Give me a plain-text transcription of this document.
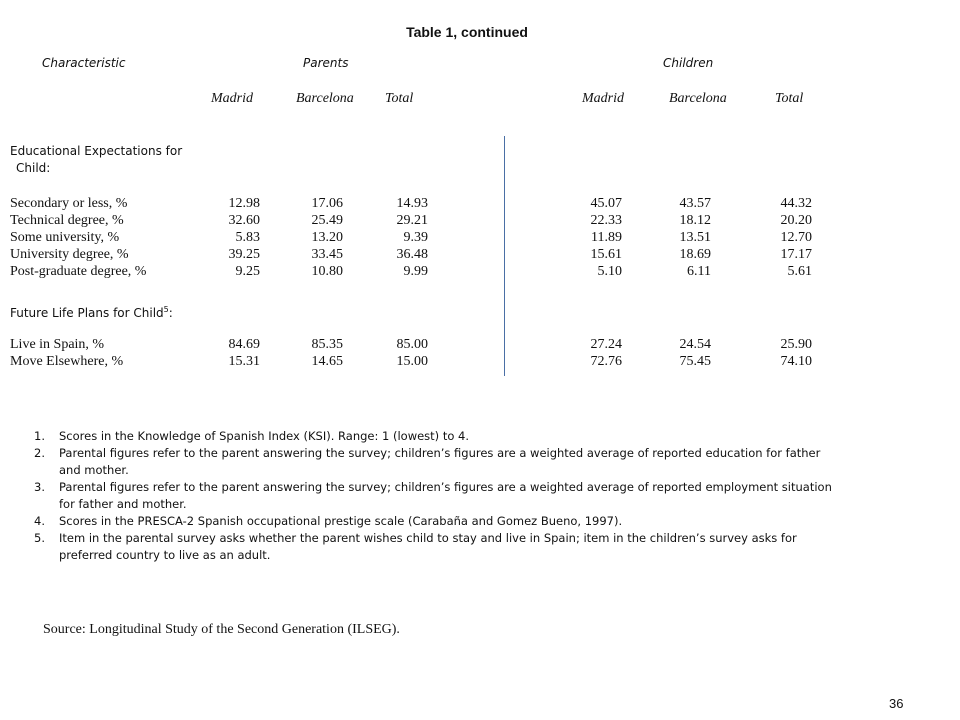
Table 1, continued
Characteristic	Parents	Children
Madrid	Barcelona Total	Madrid	Barcelona	Total
Educational Expectations for
Child:
Secondary or less, %	12.98	17.06	14.93	45.07	43.57	44.32
Technical degree, %	32.60	25.49	29.21	22.33	18.12	20.20
Some university, %	5.83	13.20	9.39	11.89	13.51	12.70
University degree, %	39.25	33.45	36.48	15.61	18.69	17.17
Post-graduate degree, %	9.25	10.80	9.99	5.10	6.11	5.61
Future Life Plans for Child$^5$:
Live in Spain, %	84.69	85.35	85.00	27.24	24.54	25.90
Move Elsewhere, %	15.31	14.65	15.00	72.76	75.45	74.10
1. Scores in the Knowledge of Spanish Index (KSI). Range: 1 (lowest) to 4.
2. Parental figures refer to the parent answering the survey; children’s figures are a weighted average of reported education for father
and mother.
3. Parental figures refer to the parent answering the survey; children’s figures are a weighted average of reported employment situation
for father and mother.
4. Scores in the PRESCA-2 Spanish occupational prestige scale (Carabaña and Gomez Bueno, 1997).
5. Item in the parental survey asks whether the parent wishes child to stay and live in Spain; item in the children’s survey asks for
preferred country to live as an adult.
Source: Longitudinal Study of the Second Generation (ILSEG).
36
